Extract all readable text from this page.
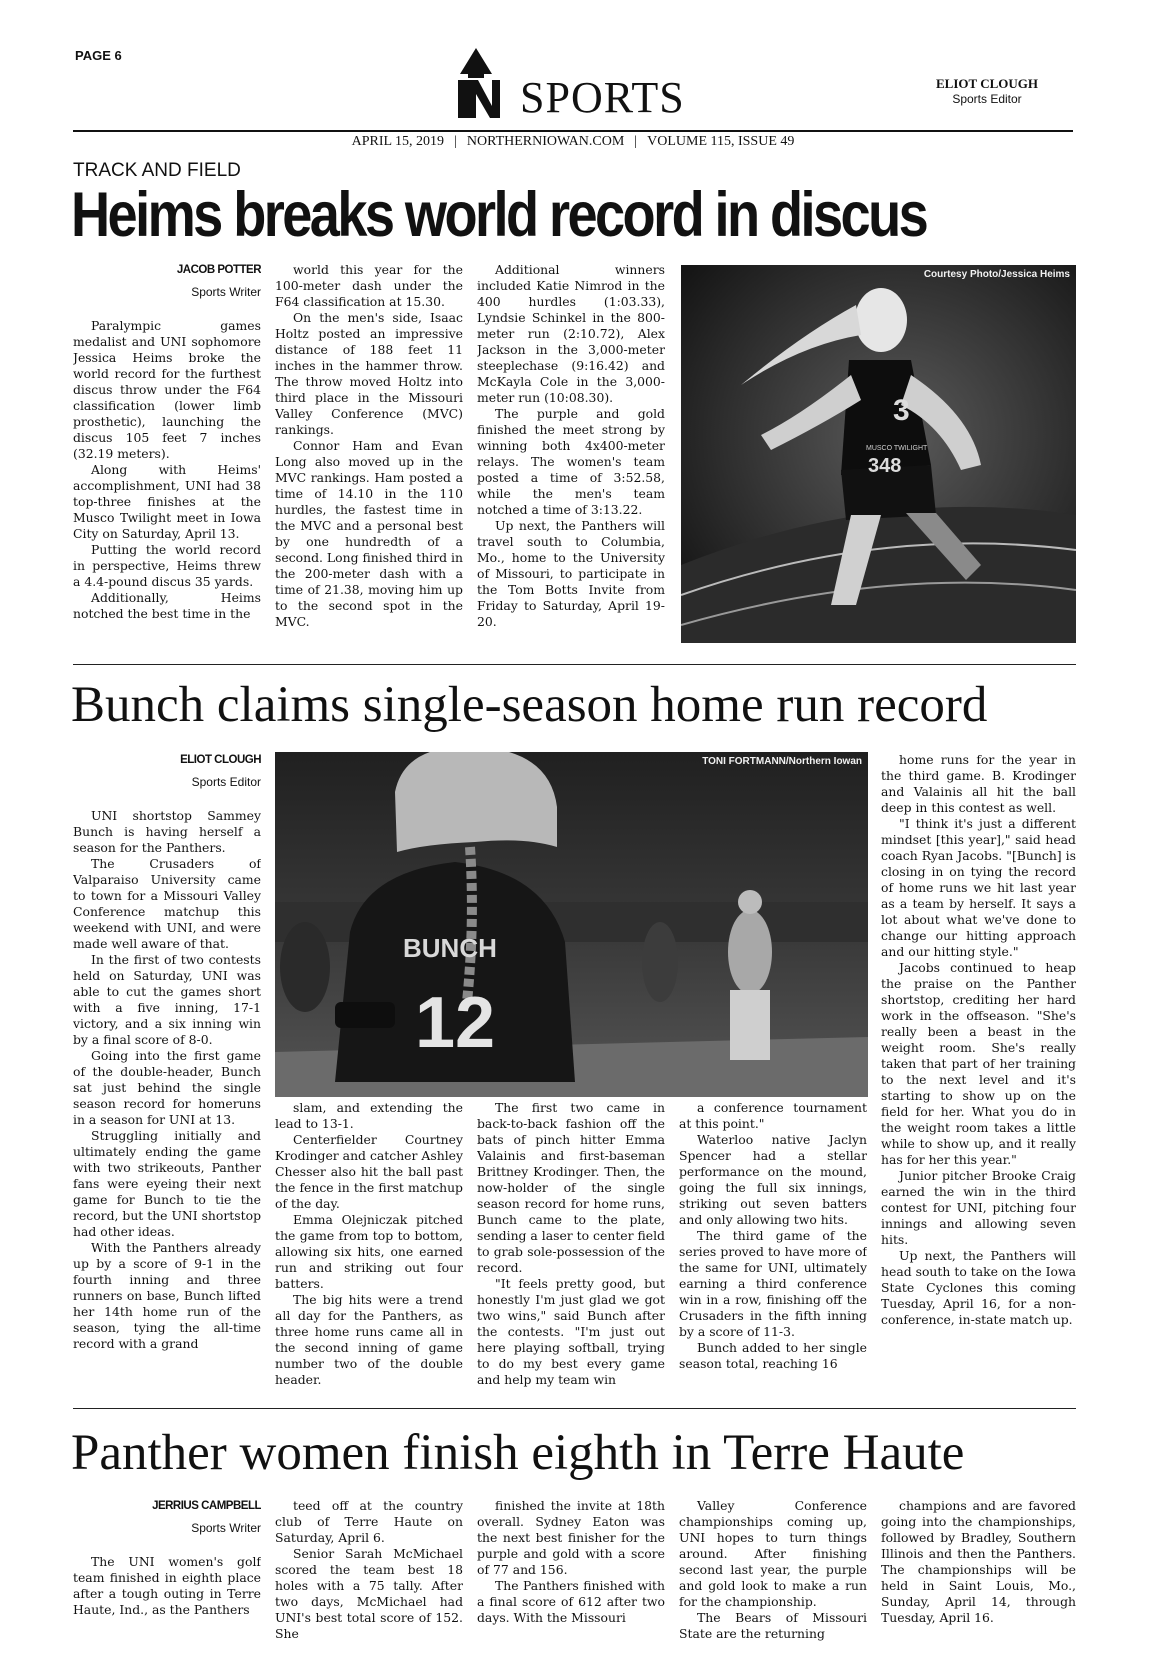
PAGE 6
SPORTS	ELIOT CLOUGH
Sports Editor
APRIL 15, 2019 | NORTHERNIOWAN.COM | VOLUME 115, ISSUE 49
TRACK AND FIELD
Heims breaks world record in discus
JACOB POTTER
Sports Writer

Paralympic games medalist and UNI sophomore Jessica Heims broke the world record for the furthest discus throw under the F64 classification (lower limb prosthetic), launching the discus 105 feet 7 inches (32.19 meters).

Along with Heims' accomplishment, UNI had 38 top-three finishes at the Musco Twilight meet in Iowa City on Saturday, April 13.

Putting the world record in perspective, Heims threw a 4.4-pound discus 35 yards.

Additionally, Heims notched the best time in the

world this year for the 100-meter dash under the F64 classification at 15.30.

On the men's side, Isaac Holtz posted an impressive distance of 188 feet 11 inches in the hammer throw. The throw moved Holtz into third place in the Missouri Valley Conference (MVC) rankings.

Connor Ham and Evan Long also moved up in the MVC rankings. Ham posted a time of 14.10 in the 110 hurdles, the fastest time in the MVC and a personal best by one hundredth of a second. Long finished third in the 200-meter dash with a time of 21.38, moving him up to the second spot in the MVC.

Additional winners included Katie Nimrod in the 400 hurdles (1:03.33), Lyndsie Schinkel in the 800-meter run (2:10.72), Alex Jackson in the 3,000-meter steeplechase (9:16.42) and McKayla Cole in the 3,000-meter run (10:08.30).

The purple and gold finished the meet strong by winning both 4x400-meter relays. The women's team posted a time of 3:52.58, while the men's team notched a time of 3:13.22.

Up next, the Panthers will travel south to Columbia, Mo., home to the University of Missouri, to participate in the Tom Botts Invite from Friday to Saturday, April 19-20.

3
MUSCO TWILIGHT
348
Courtesy Photo/Jessica Heims
Bunch claims single-season home run record
ELIOT CLOUGH
Sports Editor

UNI shortstop Sammey Bunch is having herself a season for the Panthers.

The Crusaders of Valparaiso University came to town for a Missouri Valley Conference matchup this weekend with UNI, and were made well aware of that.

In the first of two contests held on Saturday, UNI was able to cut the games short with a five inning, 17-1 victory, and a six inning win by a final score of 8-0.

Going into the first game of the double-header, Bunch sat just behind the single season record for homeruns in a season for UNI at 13.

Struggling initially and ultimately ending the game with two strikeouts, Panther fans were eyeing their next game for Bunch to tie the record, but the UNI shortstop had other ideas.

With the Panthers already up by a score of 9-1 in the fourth inning and three runners on base, Bunch lifted her 14th home run of the season, tying the all-time record with a grand

BUNCH
12
TONI FORTMANN/Northern Iowan

slam, and extending the lead to 13-1.

Centerfielder Courtney Krodinger and catcher Ashley Chesser also hit the ball past the fence in the first matchup of the day.

Emma Olejniczak pitched the game from top to bottom, allowing six hits, one earned run and striking out four batters.

The big hits were a trend all day for the Panthers, as three home runs came all in the second inning of game number two of the double header.

The first two came in back-to-back fashion off the bats of pinch hitter Emma Valainis and first-baseman Brittney Krodinger. Then, the now-holder of the single season record for home runs, Bunch came to the plate, sending a laser to center field to grab sole-possession of the record.

"It feels pretty good, but honestly I'm just glad we got two wins," said Bunch after the contests. "I'm just out here playing softball, trying to do my best every game and help my team win

a conference tournament at this point."

Waterloo native Jaclyn Spencer had a stellar performance on the mound, going the full six innings, striking out seven batters and only allowing two hits.

The third game of the series proved to have more of the same for UNI, ultimately earning a third conference win in a row, finishing off the Crusaders in the fifth inning by a score of 11-3.

Bunch added to her single season total, reaching 16

home runs for the year in the third game. B. Krodinger and Valainis all hit the ball deep in this contest as well.

"I think it's just a different mindset [this year]," said head coach Ryan Jacobs. "[Bunch] is closing in on tying the record of home runs we hit last year as a team by herself. It says a lot about what we've done to change our hitting approach and our hitting style."

Jacobs continued to heap the praise on the Panther shortstop, crediting her hard work in the offseason. "She's really been a beast in the weight room. She's really taken that part of her training to the next level and it's starting to show up on the field for her. What you do in the weight room takes a little while to show up, and it really has for her this year."

Junior pitcher Brooke Craig earned the win in the third contest for UNI, pitching four innings and allowing seven hits.

Up next, the Panthers will head south to take on the Iowa State Cyclones this coming Tuesday, April 16, for a non-conference, in-state match up.

Panther women finish eighth in Terre Haute
JERRIUS CAMPBELL
Sports Writer

The UNI women's golf team finished in eighth place after a tough outing in Terre Haute, Ind., as the Panthers

teed off at the country club of Terre Haute on Saturday, April 6.

Senior Sarah McMichael scored the team best 18 holes with a 75 tally. After two days, McMichael had UNI's best total score of 152. She

finished the invite at 18th overall. Sydney Eaton was the next best finisher for the purple and gold with a score of 77 and 156.

The Panthers finished with a final score of 612 after two days. With the Missouri

Valley Conference championships coming up, UNI hopes to turn things around. After finishing second last year, the purple and gold look to make a run for the championship.

The Bears of Missouri State are the returning

champions and are favored going into the championships, followed by Bradley, Southern Illinois and then the Panthers. The championships will be held in Saint Louis, Mo., Sunday, April 14, through Tuesday, April 16.
